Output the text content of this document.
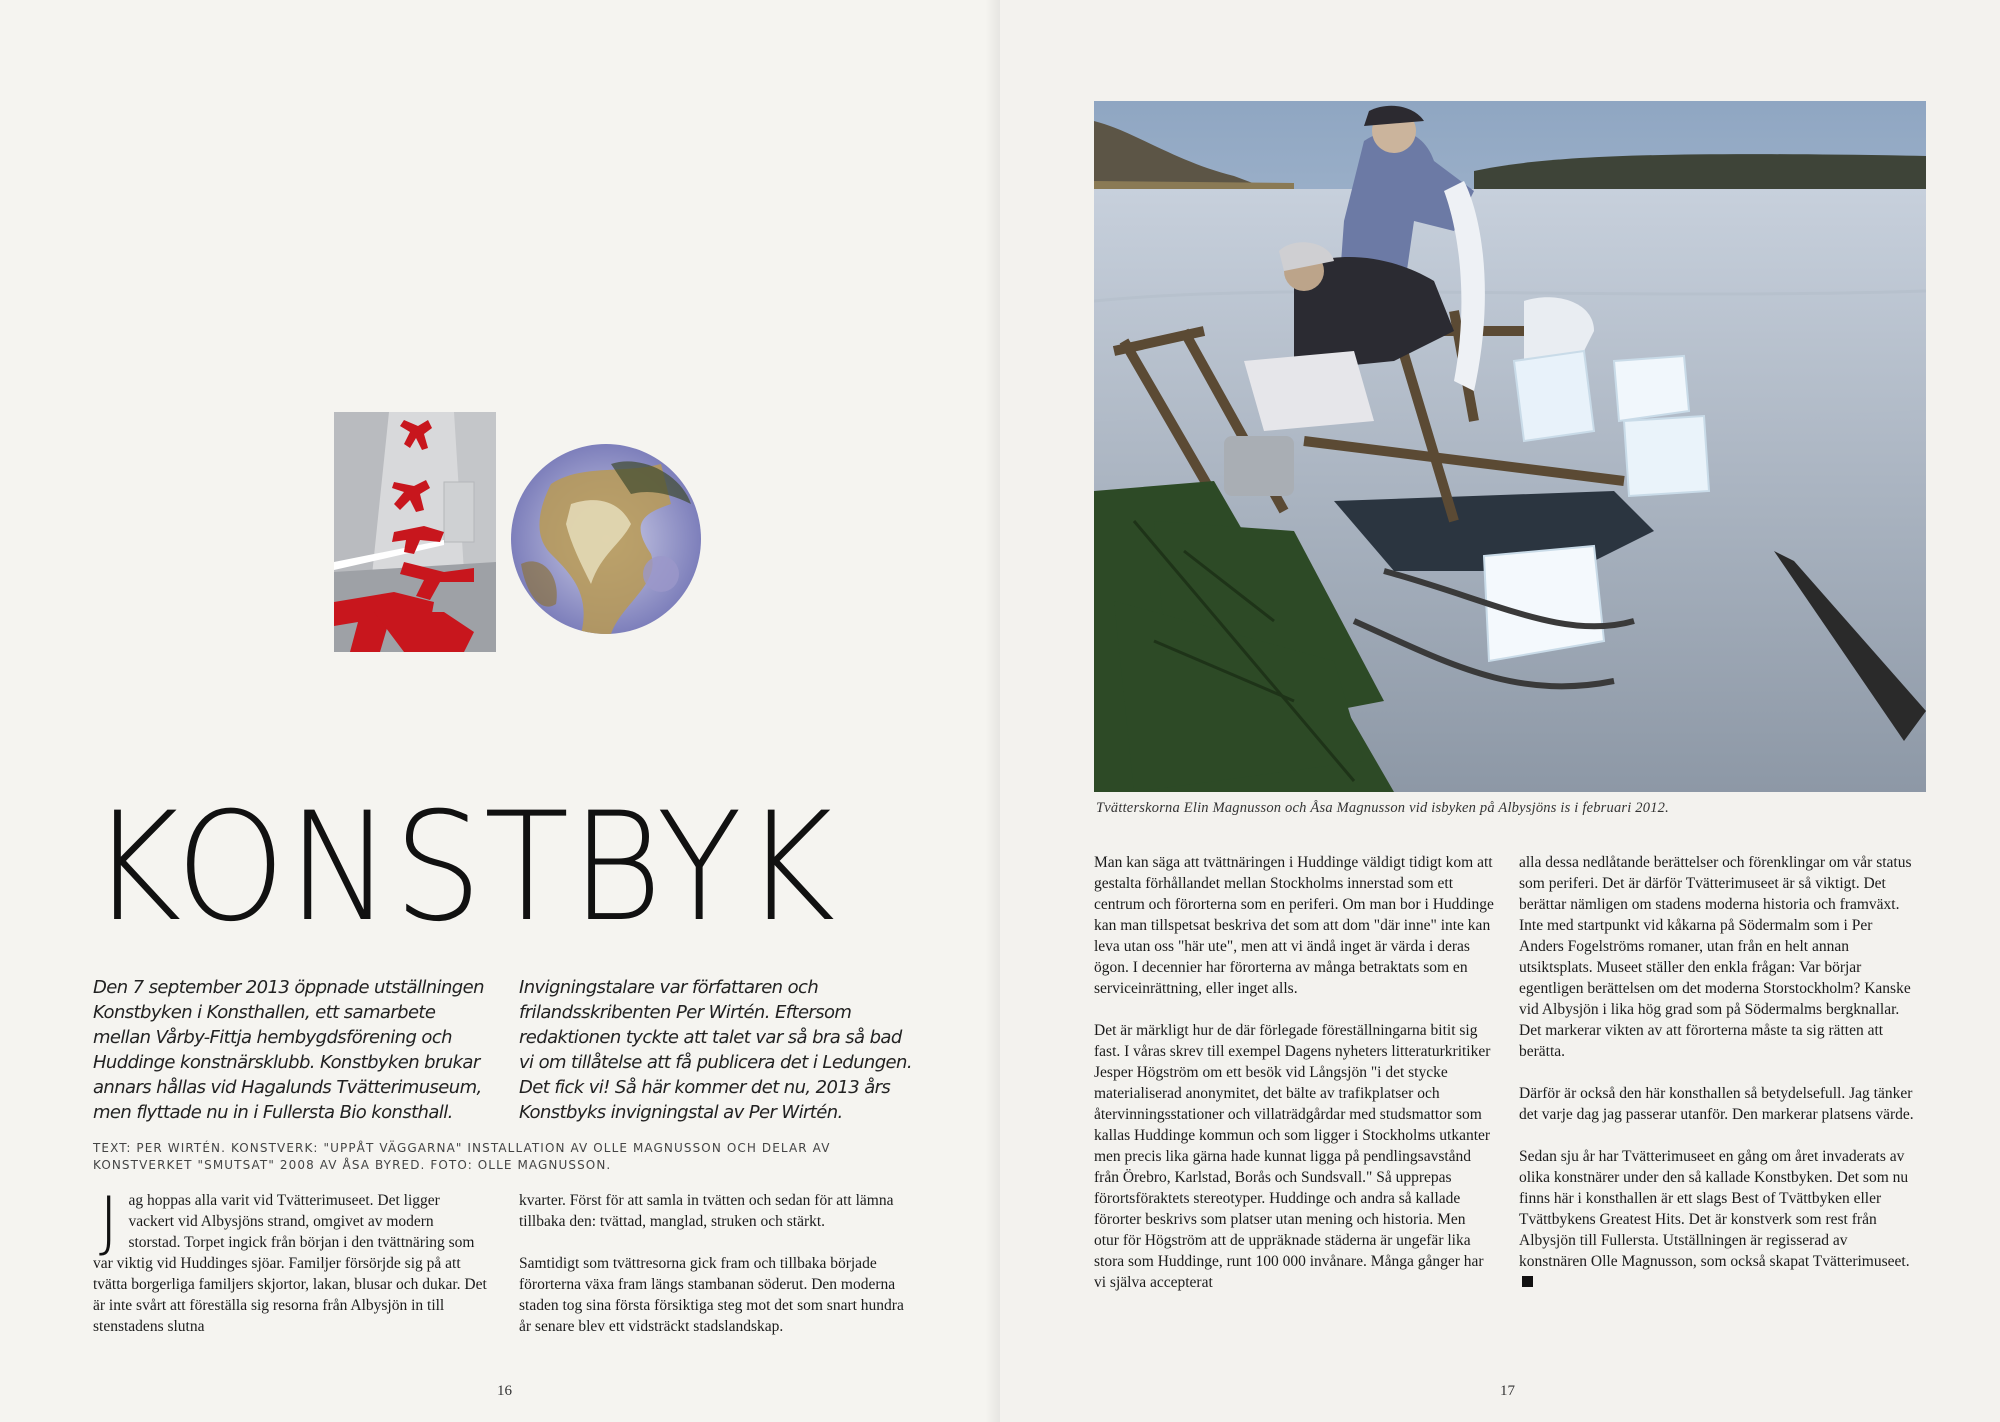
KONSTBYK
Den 7 september 2013 öppnade utställningen Konstbyken i Konsthallen, ett samarbete mellan Vårby-Fittja hembygdsförening och Huddinge konstnärsklubb. Konstbyken brukar annars hållas vid Hagalunds Tvätterimuseum, men flyttade nu in i Fullersta Bio konsthall.
Invigningstalare var författaren och frilandsskribenten Per Wirtén. Eftersom redaktionen tyckte att talet var så bra så bad vi om tillåtelse att få publicera det i Ledungen. Det fick vi! Så här kommer det nu, 2013 års Konstbyks invigningstal av Per Wirtén.
TEXT: PER WIRTÉN. KONSTVERK: "UPPÅT VÄGGARNA" INSTALLATION AV OLLE MAGNUSSON OCH DELAR AV KONSTVERKET "SMUTSAT" 2008 AV ÅSA BYRED. FOTO: OLLE MAGNUSSON.

Jag hoppas alla varit vid Tvätterimuseet. Det ligger vackert vid Albysjöns strand, omgivet av modern storstad. Torpet ingick från början i den tvättnäring som var viktig vid Huddinges sjöar. Familjer försörjde sig på att tvätta borgerliga familjers skjortor, lakan, blusar och dukar. Det är inte svårt att föreställa sig resorna från Albysjön in till stenstadens slutna

kvarter. Först för att samla in tvätten och sedan för att lämna tillbaka den: tvättad, manglad, struken och stärkt.

Samtidigt som tvättresorna gick fram och tillbaka började förorterna växa fram längs stambanan söderut. Den moderna staden tog sina första försiktiga steg mot det som snart hundra år senare blev ett vidsträckt stadslandskap.

16
Tvätterskorna Elin Magnusson och Åsa Magnusson vid isbyken på Albysjöns is i februari 2012.

Man kan säga att tvättnäringen i Huddinge väldigt tidigt kom att gestalta förhållandet mellan Stockholms innerstad som ett centrum och förorterna som en periferi. Om man bor i Huddinge kan man tillspetsat beskriva det som att dom "där inne" inte kan leva utan oss "här ute", men att vi ändå inget är värda i deras ögon. I decennier har förorterna av många betraktats som en serviceinrättning, eller inget alls.

Det är märkligt hur de där förlegade föreställningarna bitit sig fast. I våras skrev till exempel Dagens nyheters litteraturkritiker Jesper Högström om ett besök vid Långsjön "i det stycke materialiserad anonymitet, det bälte av trafikplatser och återvinningsstationer och villaträdgårdar med studsmattor som kallas Huddinge kommun och som ligger i Stockholms utkanter men precis lika gärna hade kunnat ligga på pendlingsavstånd från Örebro, Karlstad, Borås och Sundsvall." Så upprepas förortsföraktets stereotyper. Huddinge och andra så kallade förorter beskrivs som platser utan mening och historia. Men otur för Högström att de uppräknade städerna är ungefär lika stora som Huddinge, runt 100 000 invånare. Många gånger har vi själva accepterat

alla dessa nedlåtande berättelser och förenklingar om vår status som periferi. Det är därför Tvätterimuseet är så viktigt. Det berättar nämligen om stadens moderna historia och framväxt. Inte med startpunkt vid kåkarna på Södermalm som i Per Anders Fogelströms romaner, utan från en helt annan utsiktsplats. Museet ställer den enkla frågan: Var börjar egentligen berättelsen om det moderna Storstockholm? Kanske vid Albysjön i lika hög grad som på Södermalms bergknallar. Det markerar vikten av att förorterna måste ta sig rätten att berätta.

Därför är också den här konsthallen så betydelsefull. Jag tänker det varje dag jag passerar utanför. Den markerar platsens värde.

Sedan sju år har Tvätterimuseet en gång om året invaderats av olika konstnärer under den så kallade Konstbyken. Det som nu finns här i konsthallen är ett slags Best of Tvättbyken eller Tvättbykens Greatest Hits. Det är konstverk som rest från Albysjön till Fullersta. Utställningen är regisserad av konstnären Olle Magnusson, som också skapat Tvätterimuseet.

17
